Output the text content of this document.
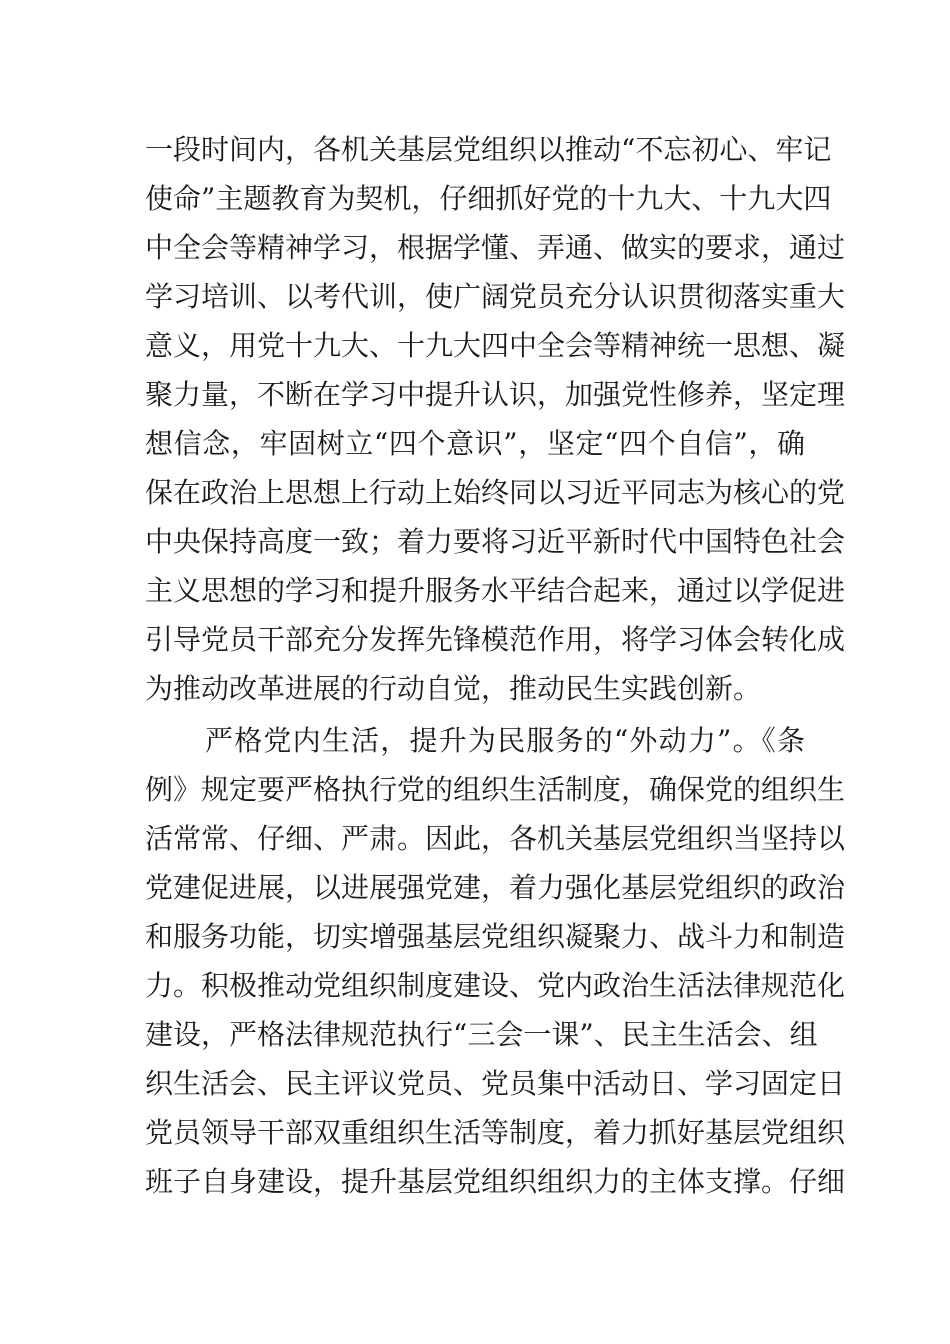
一段时间内，各机关基层党组织以推动“不忘初心、牢记
使命”主题教育为契机，仔细抓好党的十九大、十九大四
中全会等精神学习，根据学懂、弄通、做实的要求，通过
学习培训、以考代训，使广阔党员充分认识贯彻落实重大
意义，用党十九大、十九大四中全会等精神统一思想、凝
聚力量，不断在学习中提升认识，加强党性修养，坚定理
想信念，牢固树立“四个意识”，坚定“四个自信”，确
保在政治上思想上行动上始终同以习近平同志为核心的党
中央保持高度一致；着力要将习近平新时代中国特色社会
主义思想的学习和提升服务水平结合起来，通过以学促进
引导党员干部充分发挥先锋模范作用，将学习体会转化成
为推动改革进展的行动自觉，推动民生实践创新。
严格党内生活，提升为民服务的“外动力”。《条
例》规定要严格执行党的组织生活制度，确保党的组织生
活常常、仔细、严肃。因此，各机关基层党组织当坚持以
党建促进展，以进展强党建，着力强化基层党组织的政治
和服务功能，切实增强基层党组织凝聚力、战斗力和制造
力。积极推动党组织制度建设、党内政治生活法律规范化
建设，严格法律规范执行“三会一课”、民主生活会、组
织生活会、民主评议党员、党员集中活动日、学习固定日
党员领导干部双重组织生活等制度，着力抓好基层党组织
班子自身建设，提升基层党组织组织力的主体支撑。仔细
